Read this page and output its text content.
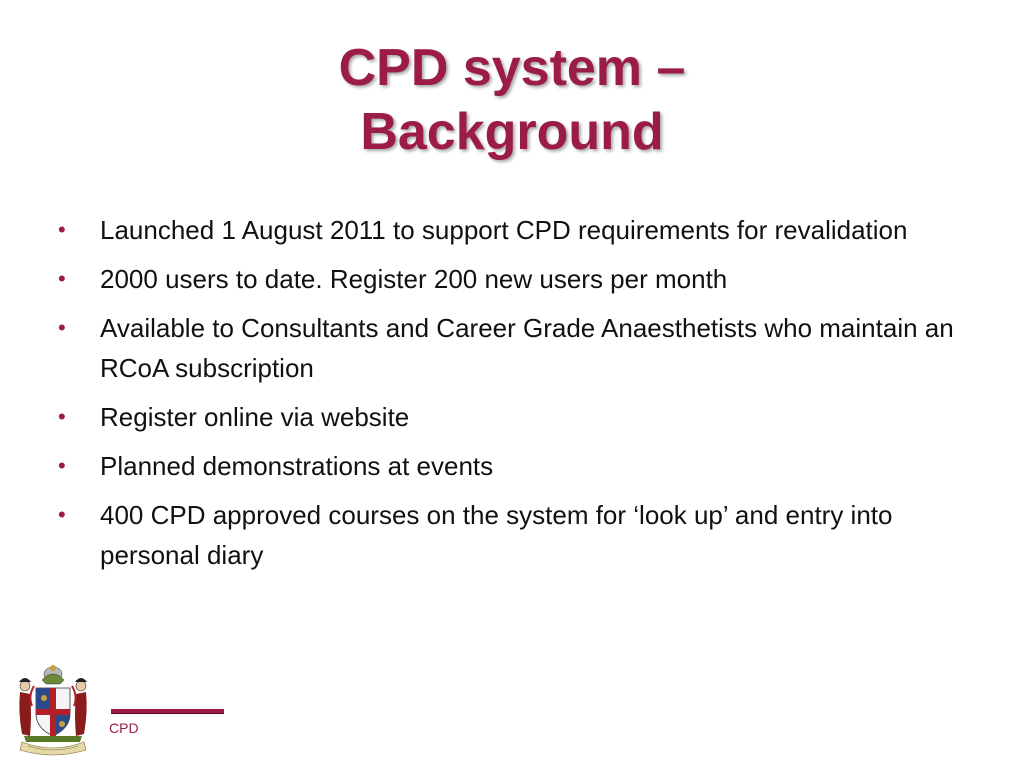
CPD system –
Background
•	Launched 1 August 2011 to support CPD requirements for revalidation
•	2000 users to date. Register 200 new users per month
•	Available to Consultants and Career Grade Anaesthetists who maintain an RCoA subscription
•	Register online via website
•	Planned demonstrations at events
•	400 CPD approved courses on the system for ‘look up’ and entry into personal diary
CPD
